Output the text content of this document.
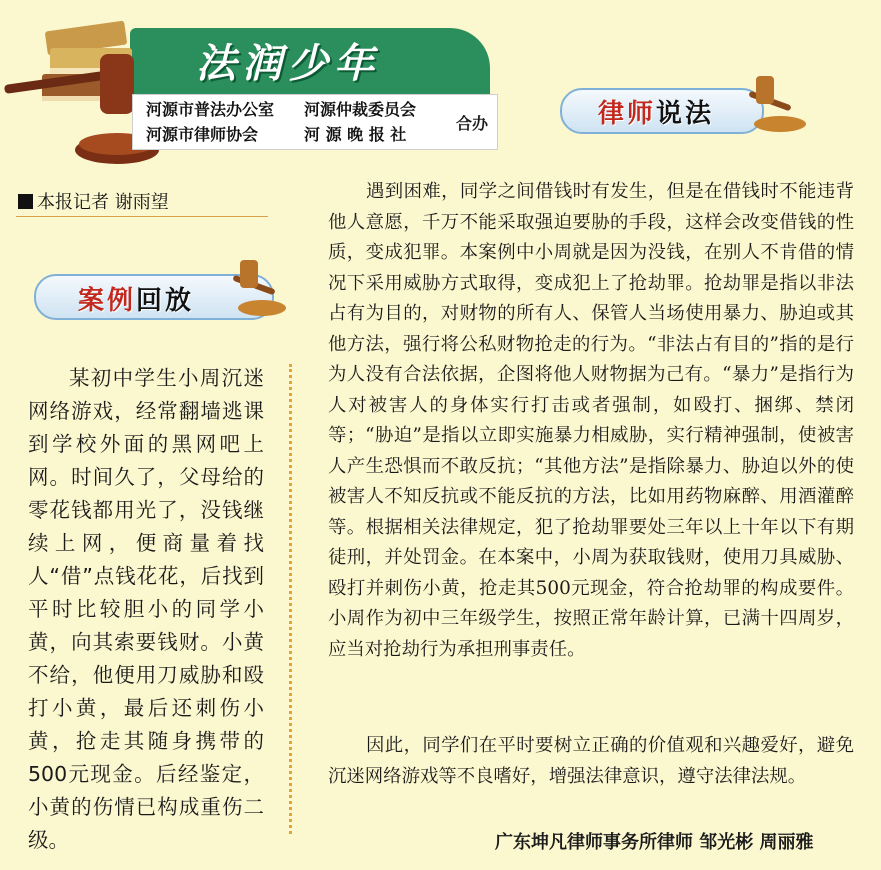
法润少年
河源市普法办公室 河源仲裁委员会
河源市律师协会	河 源 晚 报 社
合办	律师说法
本报记者 谢雨望
案例回放

某初中学生小周沉迷网络游戏，经常翻墙逃课到学校外面的黑网吧上网。时间久了，父母给的零花钱都用光了，没钱继续上网，便商量着找人“借”点钱花花，后找到平时比较胆小的同学小黄，向其索要钱财。小黄不给，他便用刀威胁和殴打小黄，最后还刺伤小黄，抢走其随身携带的500元现金。后经鉴定，小黄的伤情已构成重伤二级。

遇到困难，同学之间借钱时有发生，但是在借钱时不能违背他人意愿，千万不能采取强迫要胁的手段，这样会改变借钱的性质，变成犯罪。本案例中小周就是因为没钱，在别人不肯借的情况下采用威胁方式取得，变成犯上了抢劫罪。抢劫罪是指以非法占有为目的，对财物的所有人、保管人当场使用暴力、胁迫或其他方法，强行将公私财物抢走的行为。“非法占有目的”指的是行为人没有合法依据，企图将他人财物据为己有。“暴力”是指行为人对被害人的身体实行打击或者强制，如殴打、捆绑、禁闭等；“胁迫”是指以立即实施暴力相威胁，实行精神强制，使被害人产生恐惧而不敢反抗；“其他方法”是指除暴力、胁迫以外的使被害人不知反抗或不能反抗的方法，比如用药物麻醉、用酒灌醉等。根据相关法律规定，犯了抢劫罪要处三年以上十年以下有期徒刑，并处罚金。在本案中，小周为获取钱财，使用刀具威胁、殴打并刺伤小黄，抢走其500元现金，符合抢劫罪的构成要件。小周作为初中三年级学生，按照正常年龄计算，已满十四周岁，应当对抢劫行为承担刑事责任。

因此，同学们在平时要树立正确的价值观和兴趣爱好，避免沉迷网络游戏等不良嗜好，增强法律意识，遵守法律法规。

广东坤凡律师事务所律师 邹光彬 周丽雅
